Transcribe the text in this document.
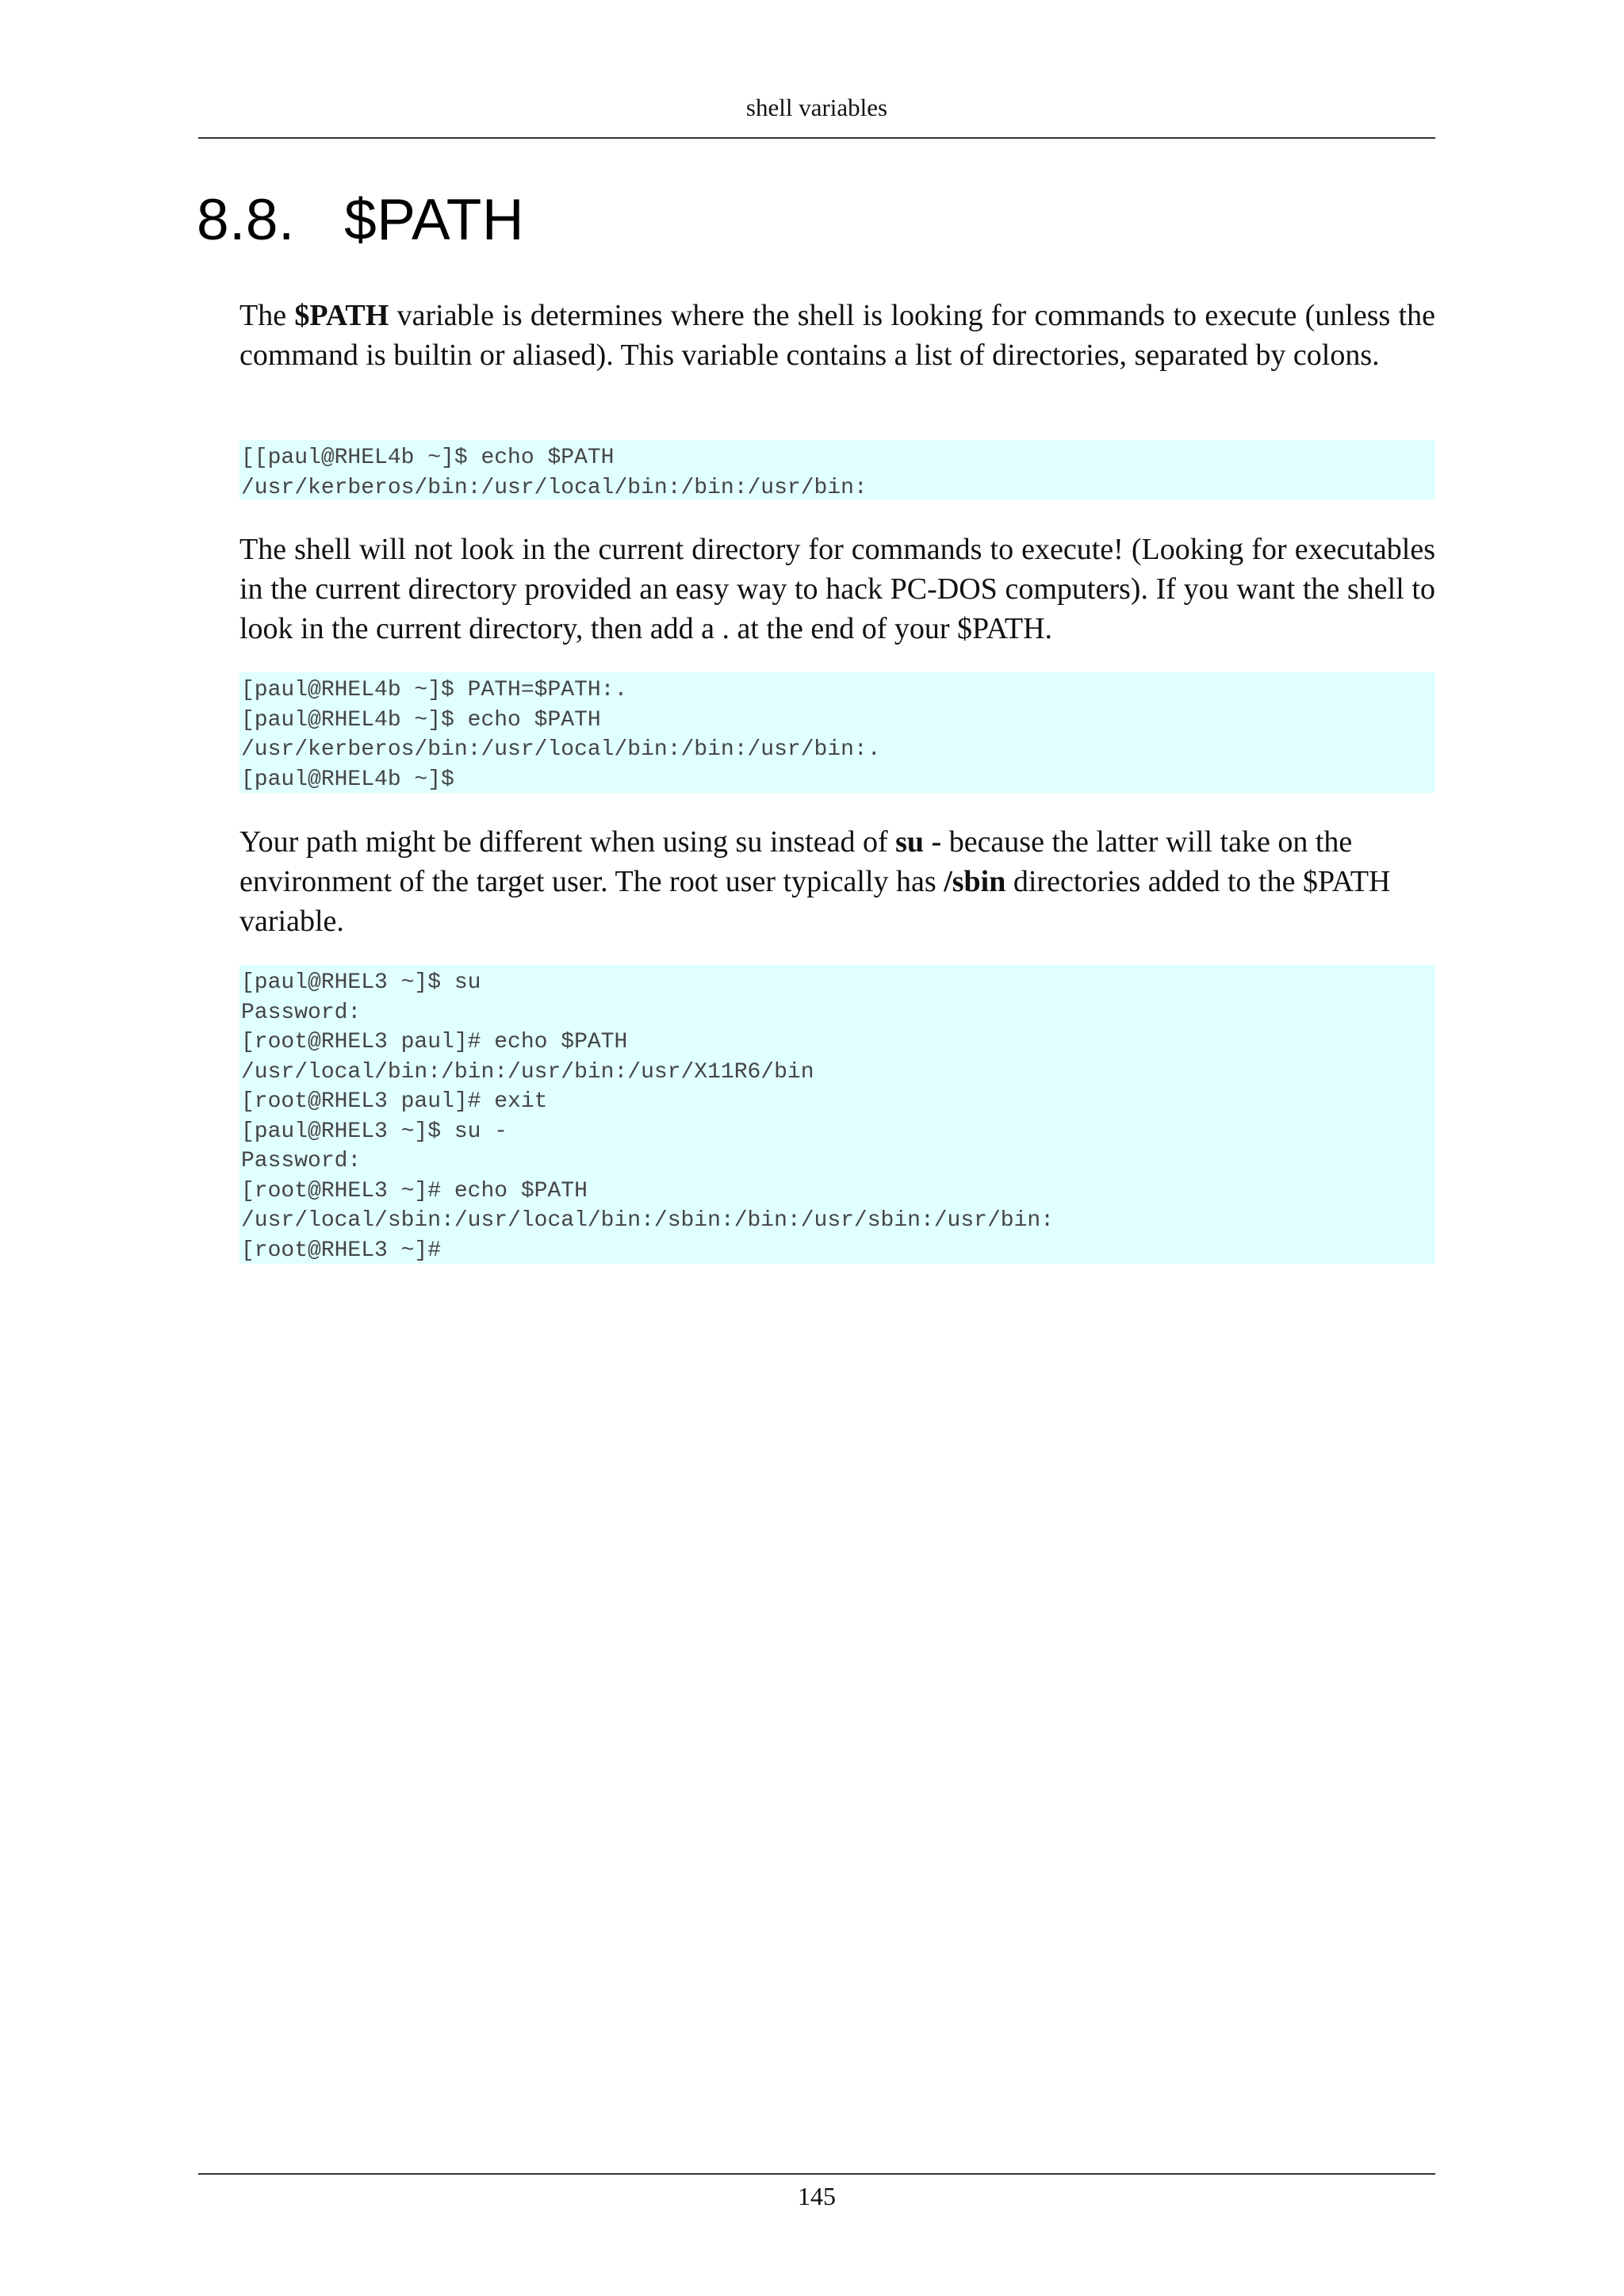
shell variables
8.8. $PATH

The $PATH variable is determines where the shell is looking for commands to execute (unless the command is builtin or aliased). This variable contains a list of directories, separated by colons.

[[paul@RHEL4b ~]$ echo $PATH
/usr/kerberos/bin:/usr/local/bin:/bin:/usr/bin:

The shell will not look in the current directory for commands to execute! (Looking for executables in the current directory provided an easy way to hack PC-DOS computers). If you want the shell to look in the current directory, then add a . at the end of your $PATH.

[paul@RHEL4b ~]$ PATH=$PATH:.
[paul@RHEL4b ~]$ echo $PATH
/usr/kerberos/bin:/usr/local/bin:/bin:/usr/bin:.
[paul@RHEL4b ~]$

Your path might be different when using su instead of su - because the latter will take on the environment of the target user. The root user typically has /sbin directories added to the $PATH variable.

[paul@RHEL3 ~]$ su
Password:
[root@RHEL3 paul]# echo $PATH
/usr/local/bin:/bin:/usr/bin:/usr/X11R6/bin
[root@RHEL3 paul]# exit
[paul@RHEL3 ~]$ su -
Password:
[root@RHEL3 ~]# echo $PATH
/usr/local/sbin:/usr/local/bin:/sbin:/bin:/usr/sbin:/usr/bin:
[root@RHEL3 ~]#
145
